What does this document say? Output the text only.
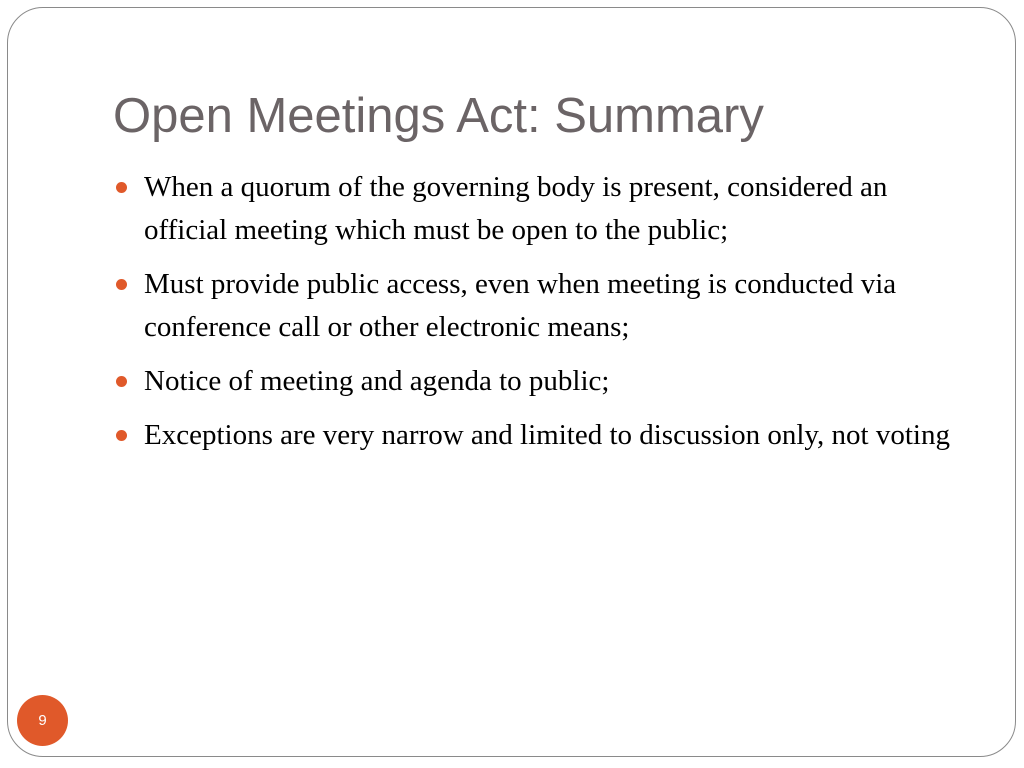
Open Meetings Act: Summary
When a quorum of the governing body is present, considered an official meeting which must be open to the public;
Must provide public access, even when meeting is conducted via conference call or other electronic means;
Notice of meeting and agenda to public;
Exceptions are very narrow and limited to discussion only, not voting
9
